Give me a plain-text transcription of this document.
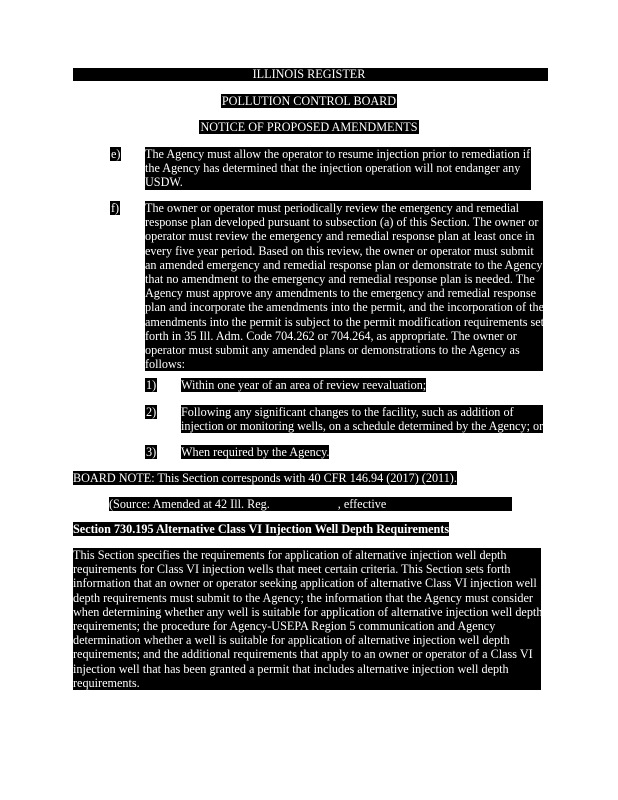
ILLINOIS REGISTER
POLLUTION CONTROL BOARD
NOTICE OF PROPOSED AMENDMENTS
e) The Agency must allow the operator to resume injection prior to remediation if
the Agency has determined that the injection operation will not endanger any
USDW.
f) The owner or operator must periodically review the emergency and remedial
response plan developed pursuant to subsection (a) of this Section. The owner or
operator must review the emergency and remedial response plan at least once in
every five year period. Based on this review, the owner or operator must submit
an amended emergency and remedial response plan or demonstrate to the Agency
that no amendment to the emergency and remedial response plan is needed. The
Agency must approve any amendments to the emergency and remedial response
plan and incorporate the amendments into the permit, and the incorporation of the
amendments into the permit is subject to the permit modification requirements set
forth in 35 Ill. Adm. Code 704.262 or 704.264, as appropriate. The owner or
operator must submit any amended plans or demonstrations to the Agency as
follows:
1) Within one year of an area of review reevaluation;
2) Following any significant changes to the facility, such as addition of
injection or monitoring wells, on a schedule determined by the Agency; or
3) When required by the Agency.
BOARD NOTE: This Section corresponds with 40 CFR 146.94 (2017) (2011).
(Source: Amended at 42 Ill. Reg.	, effective	)
Section 730.195 Alternative Class VI Injection Well Depth Requirements
This Section specifies the requirements for application of alternative injection well depth
requirements for Class VI injection wells that meet certain criteria. This Section sets forth
information that an owner or operator seeking application of alternative Class VI injection well
depth requirements must submit to the Agency; the information that the Agency must consider
when determining whether any well is suitable for application of alternative injection well depth
requirements; the procedure for Agency-USEPA Region 5 communication and Agency
determination whether a well is suitable for application of alternative injection well depth
requirements; and the additional requirements that apply to an owner or operator of a Class VI
injection well that has been granted a permit that includes alternative injection well depth
requirements.
